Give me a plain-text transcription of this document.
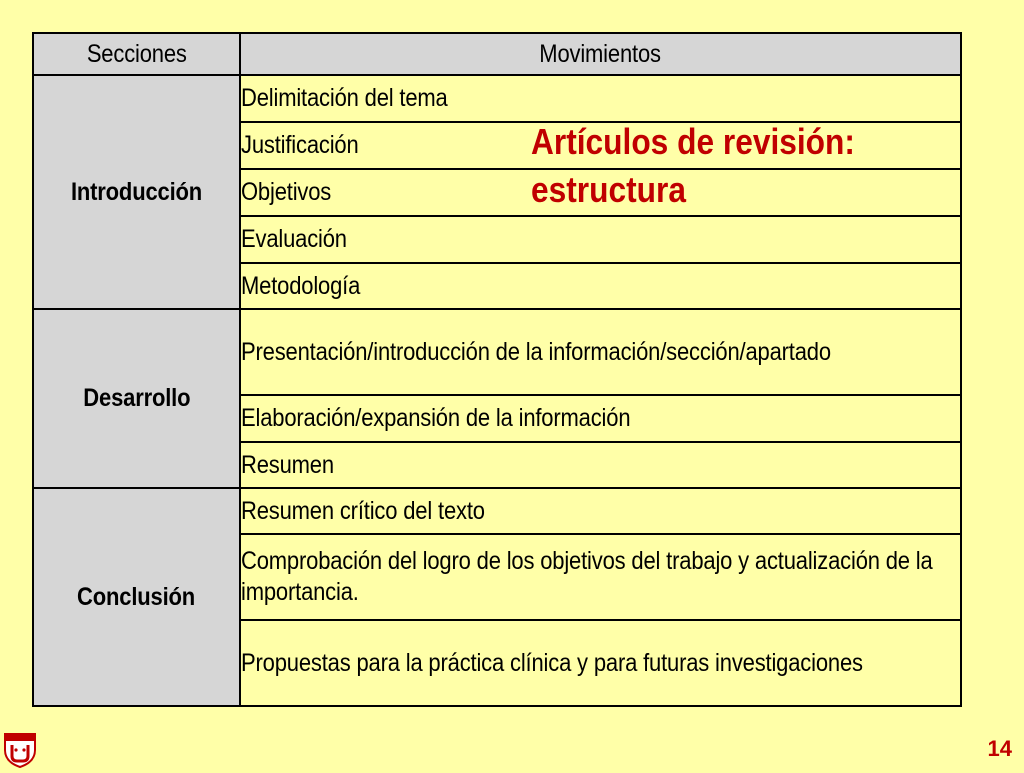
Secciones	Movimientos
Introducción	Delimitación del tema

	Justificación

	Objetivos

	Evaluación

	Metodología

Desarrollo	Presentación/introducción de la información/sección/apartado

	Elaboración/expansión de la información

	Resumen

Conclusión	Resumen crítico del texto

	Comprobación del logro de los objetivos del trabajo y actualización de la importancia.

	Propuestas para la práctica clínica y para futuras investigaciones
Artículos de revisión:
estructura
14
